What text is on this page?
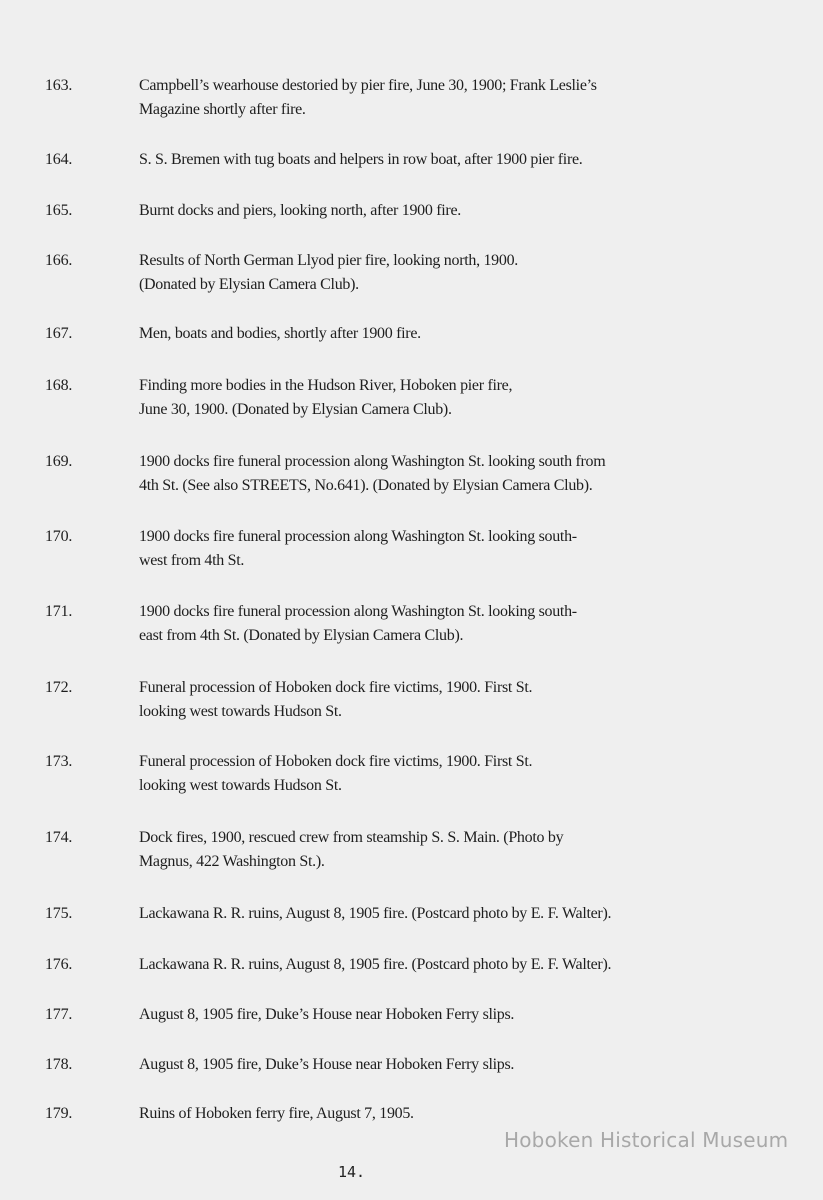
163.	Campbell’s wearhouse destoried by pier fire, June 30, 1900; Frank Leslie’s
Magazine shortly after fire.
164.	S. S. Bremen with tug boats and helpers in row boat, after 1900 pier fire.
165.	Burnt docks and piers, looking north, after 1900 fire.
166.	Results of North German Llyod pier fire, looking north, 1900.
(Donated by Elysian Camera Club).
167.	Men, boats and bodies, shortly after 1900 fire.
168.	Finding more bodies in the Hudson River, Hoboken pier fire,
June 30, 1900. (Donated by Elysian Camera Club).
169.	1900 docks fire funeral procession along Washington St. looking south from
4th St. (See also STREETS, No.641). (Donated by Elysian Camera Club).
170.	1900 docks fire funeral procession along Washington St. looking south-
west from 4th St.
171.	1900 docks fire funeral procession along Washington St. looking south-
east from 4th St. (Donated by Elysian Camera Club).
172.	Funeral procession of Hoboken dock fire victims, 1900. First St.
looking west towards Hudson St.
173.	Funeral procession of Hoboken dock fire victims, 1900. First St.
looking west towards Hudson St.
174.	Dock fires, 1900, rescued crew from steamship S. S. Main. (Photo by
Magnus, 422 Washington St.).
175.	Lackawana R. R. ruins, August 8, 1905 fire. (Postcard photo by E. F. Walter).
176.	Lackawana R. R. ruins, August 8, 1905 fire. (Postcard photo by E. F. Walter).
177.	August 8, 1905 fire, Duke’s House near Hoboken Ferry slips.
178.	August 8, 1905 fire, Duke’s House near Hoboken Ferry slips.
179.	Ruins of Hoboken ferry fire, August 7, 1905.
Hoboken Historical Museum
14.
